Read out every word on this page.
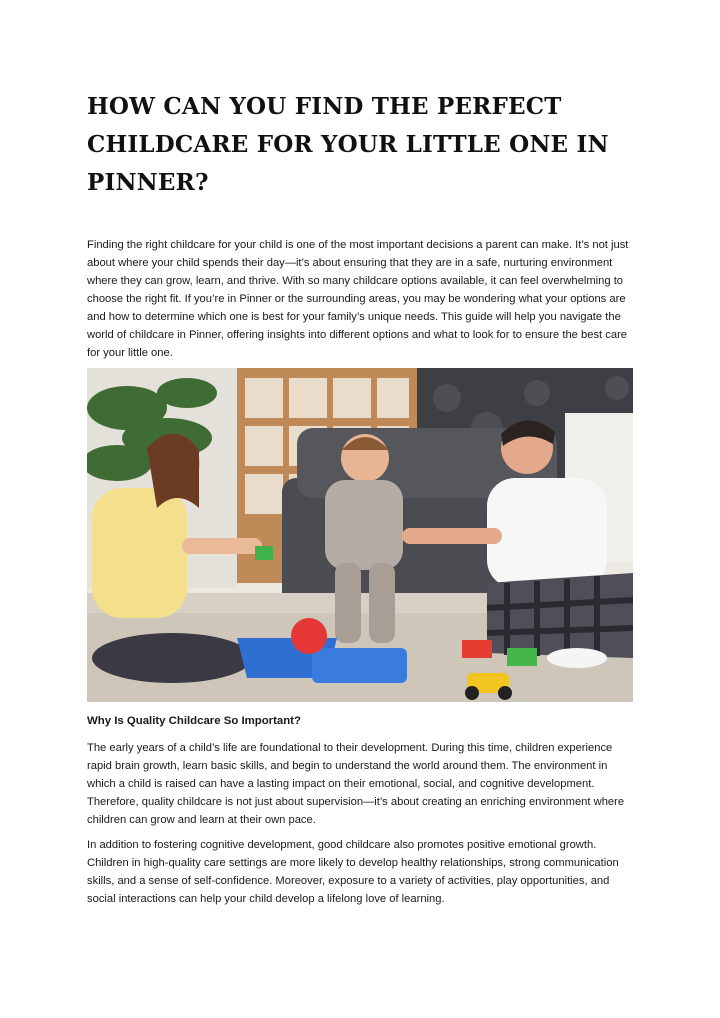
HOW CAN YOU FIND THE PERFECT CHILDCARE FOR YOUR LITTLE ONE IN PINNER?

Finding the right childcare for your child is one of the most important decisions a parent can make. It’s not just about where your child spends their day—it’s about ensuring that they are in a safe, nurturing environment where they can grow, learn, and thrive. With so many childcare options available, it can feel overwhelming to choose the right fit. If you’re in Pinner or the surrounding areas, you may be wondering what your options are and how to determine which one is best for your family’s unique needs. This guide will help you navigate the world of childcare in Pinner, offering insights into different options and what to look for to ensure the best care for your little one.

Why Is Quality Childcare So Important?

The early years of a child’s life are foundational to their development. During this time, children experience rapid brain growth, learn basic skills, and begin to understand the world around them. The environment in which a child is raised can have a lasting impact on their emotional, social, and cognitive development. Therefore, quality childcare is not just about supervision—it’s about creating an enriching environment where children can grow and learn at their own pace.

In addition to fostering cognitive development, good childcare also promotes positive emotional growth. Children in high-quality care settings are more likely to develop healthy relationships, strong communication skills, and a sense of self-confidence. Moreover, exposure to a variety of activities, play opportunities, and social interactions can help your child develop a lifelong love of learning.
